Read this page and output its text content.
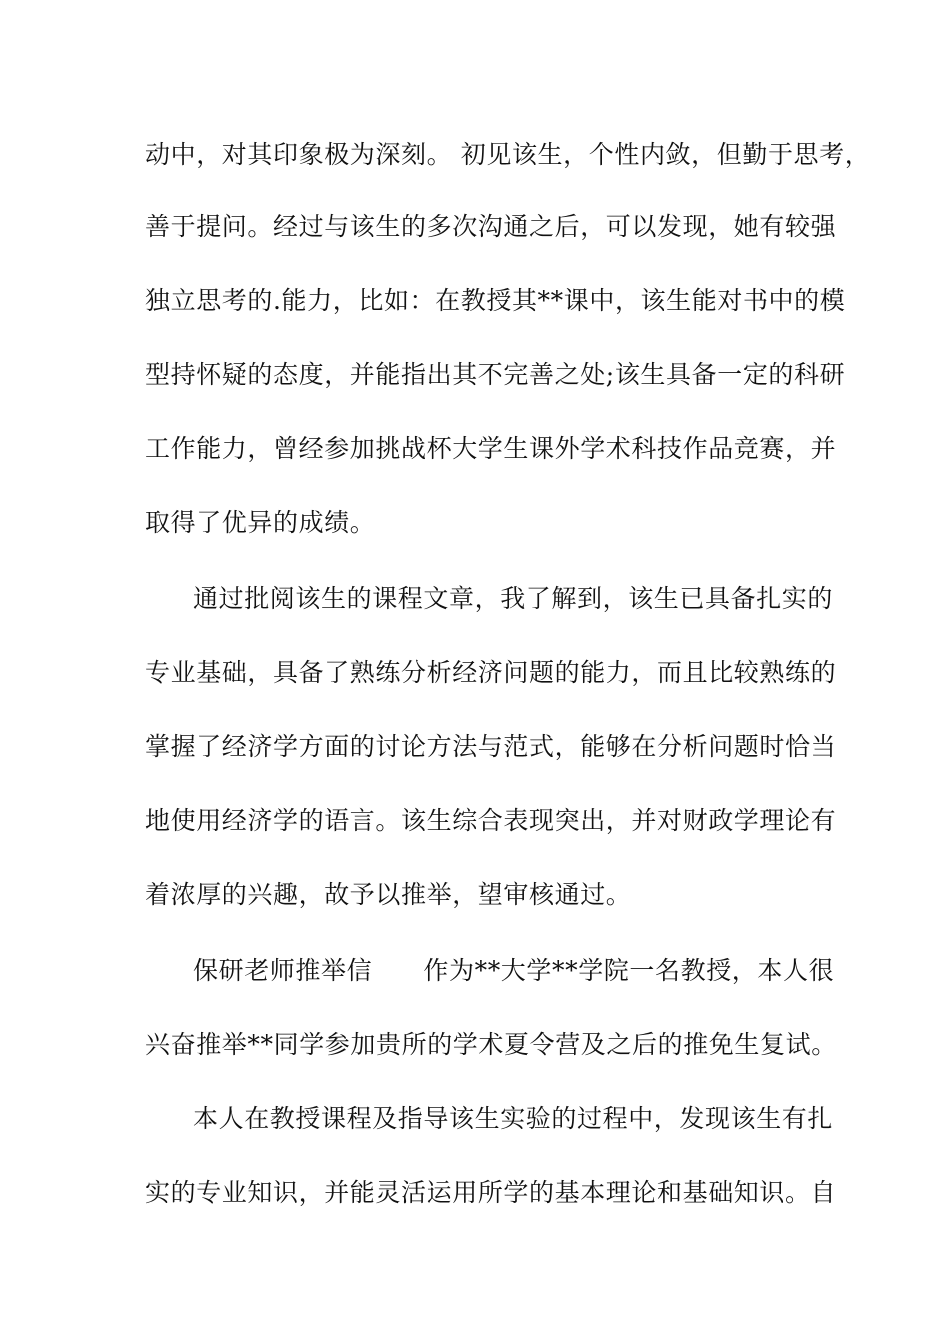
动中，对其印象极为深刻。 初见该生，个性内敛，但勤于思考，
善于提问。经过与该生的多次沟通之后，可以发现，她有较强
独立思考的.能力，比如：在教授其**课中，该生能对书中的模
型持怀疑的态度，并能指出其不完善之处;该生具备一定的科研
工作能力，曾经参加挑战杯大学生课外学术科技作品竞赛，并
取得了优异的成绩。
通过批阅该生的课程文章，我了解到，该生已具备扎实的
专业基础，具备了熟练分析经济问题的能力，而且比较熟练的
掌握了经济学方面的讨论方法与范式，能够在分析问题时恰当
地使用经济学的语言。该生综合表现突出，并对财政学理论有
着浓厚的兴趣，故予以推举，望审核通过。
保研老师推举信　　作为**大学**学院一名教授，本人很
兴奋推举**同学参加贵所的学术夏令营及之后的推免生复试。
本人在教授课程及指导该生实验的过程中，发现该生有扎
实的专业知识，并能灵活运用所学的基本理论和基础知识。自
